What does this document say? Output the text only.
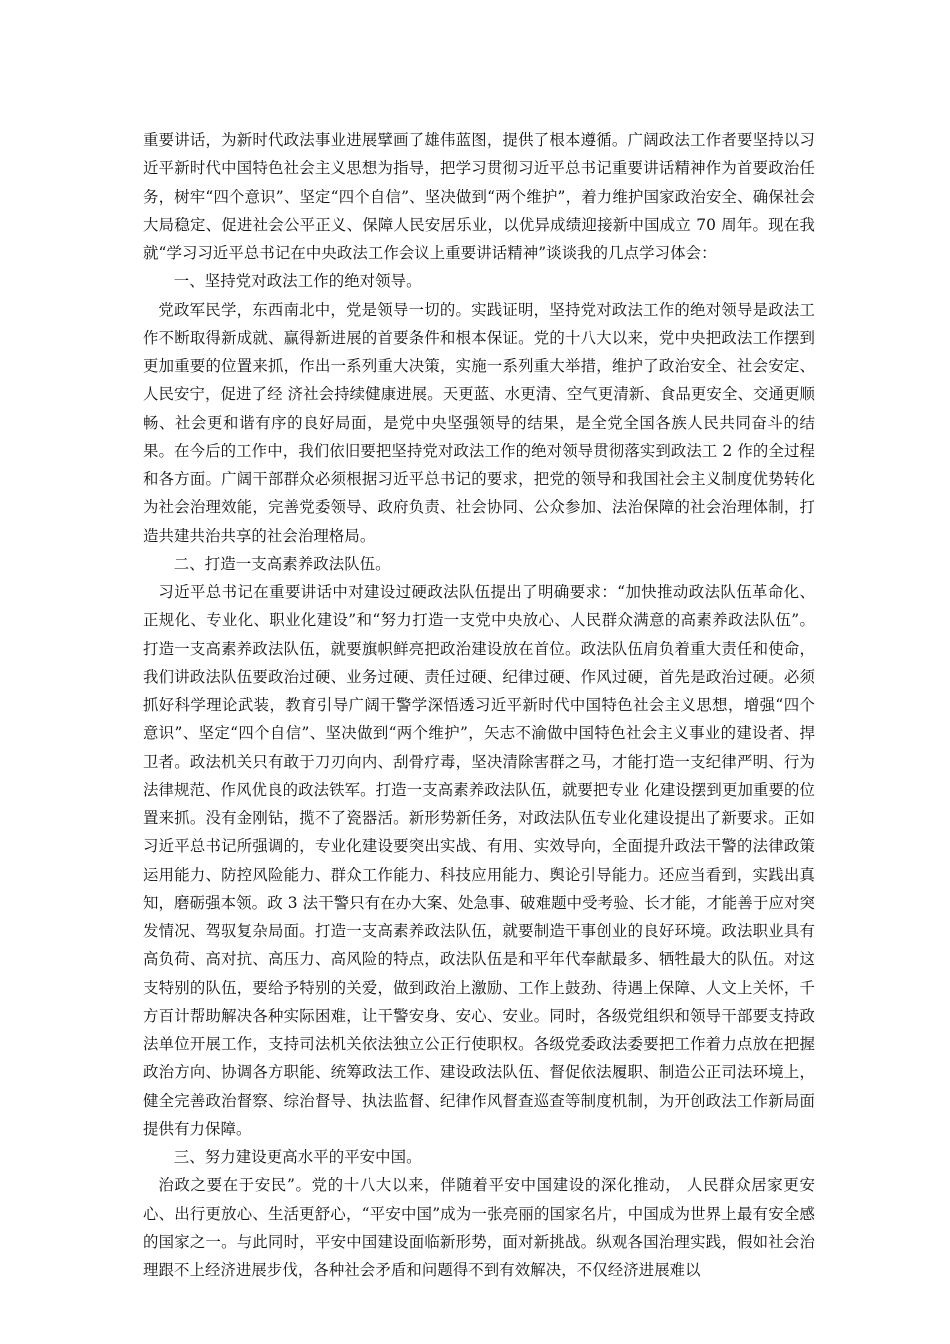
重要讲话，为新时代政法事业进展擘画了雄伟蓝图，提供了根本遵循。广阔政法工作者要坚持以习近平新时代中国特色社会主义思想为指导，把学习贯彻习近平总书记重要讲话精神作为首要政治任务，树牢“四个意识”、坚定“四个自信”、坚决做到“两个维护”，着力维护国家政治安全、确保社会大局稳定、促进社会公平正义、保障人民安居乐业，以优异成绩迎接新中国成立 70 周年。现在我就“学习习近平总书记在中央政法工作会议上重要讲话精神”谈谈我的几点学习体会：

一、坚持党对政法工作的绝对领导。

党政军民学，东西南北中，党是领导一切的。实践证明，坚持党对政法工作的绝对领导是政法工作不断取得新成就、赢得新进展的首要条件和根本保证。党的十八大以来，党中央把政法工作摆到更加重要的位置来抓，作出一系列重大决策，实施一系列重大举措，维护了政治安全、社会安定、人民安宁，促进了经 济社会持续健康进展。天更蓝、水更清、空气更清新、食品更安全、交通更顺畅、社会更和谐有序的良好局面，是党中央坚强领导的结果，是全党全国各族人民共同奋斗的结果。在今后的工作中，我们依旧要把坚持党对政法工作的绝对领导贯彻落实到政法工 2 作的全过程和各方面。广阔干部群众必须根据习近平总书记的要求，把党的领导和我国社会主义制度优势转化为社会治理效能，完善党委领导、政府负责、社会协同、公众参加、法治保障的社会治理体制，打造共建共治共享的社会治理格局。

二、打造一支高素养政法队伍。

习近平总书记在重要讲话中对建设过硬政法队伍提出了明确要求：“加快推动政法队伍革命化、正规化、专业化、职业化建设”和“努力打造一支党中央放心、人民群众满意的高素养政法队伍”。打造一支高素养政法队伍，就要旗帜鲜亮把政治建设放在首位。政法队伍肩负着重大责任和使命，我们讲政法队伍要政治过硬、业务过硬、责任过硬、纪律过硬、作风过硬，首先是政治过硬。必须抓好科学理论武装，教育引导广阔干警学深悟透习近平新时代中国特色社会主义思想，增强“四个意识”、坚定“四个自信”、坚决做到“两个维护”，矢志不渝做中国特色社会主义事业的建设者、捍卫者。政法机关只有敢于刀刃向内、刮骨疗毒，坚决清除害群之马，才能打造一支纪律严明、行为法律规范、作风优良的政法铁军。打造一支高素养政法队伍，就要把专业 化建设摆到更加重要的位置来抓。没有金刚钻，揽不了瓷器活。新形势新任务，对政法队伍专业化建设提出了新要求。正如习近平总书记所强调的，专业化建设要突出实战、有用、实效导向，全面提升政法干警的法律政策运用能力、防控风险能力、群众工作能力、科技应用能力、舆论引导能力。还应当看到，实践出真知，磨砺强本领。政 3 法干警只有在办大案、处急事、破难题中受考验、长才能，才能善于应对突发情况、驾驭复杂局面。打造一支高素养政法队伍，就要制造干事创业的良好环境。政法职业具有高负荷、高对抗、高压力、高风险的特点，政法队伍是和平年代奉献最多、牺牲最大的队伍。对这支特别的队伍，要给予特别的关爱，做到政治上激励、工作上鼓劲、待遇上保障、人文上关怀，千方百计帮助解决各种实际困难，让干警安身、安心、安业。同时，各级党组织和领导干部要支持政法单位开展工作，支持司法机关依法独立公正行使职权。各级党委政法委要把工作着力点放在把握政治方向、协调各方职能、统筹政法工作、建设政法队伍、督促依法履职、制造公正司法环境上，健全完善政治督察、综治督导、执法监督、纪律作风督查巡查等制度机制，为开创政法工作新局面提供有力保障。

三、努力建设更高水平的平安中国。

治政之要在于安民”。党的十八大以来，伴随着平安中国建设的深化推动， 人民群众居家更安心、出行更放心、生活更舒心，“平安中国”成为一张亮丽的国家名片，中国成为世界上最有安全感的国家之一。与此同时，平安中国建设面临新形势，面对新挑战。纵观各国治理实践，假如社会治理跟不上经济进展步伐，各种社会矛盾和问题得不到有效解决，不仅经济进展难以
